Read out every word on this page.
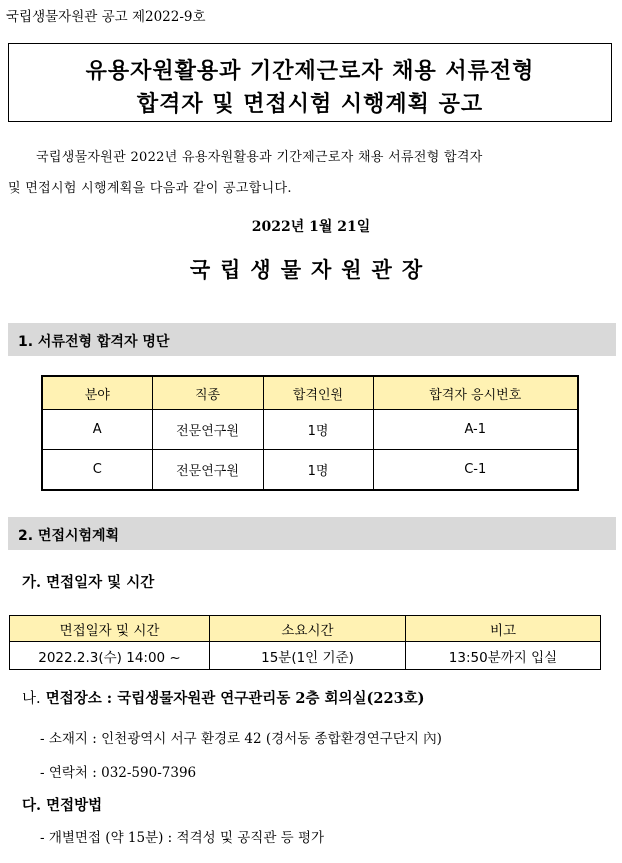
국립생물자원관 공고 제2022-9호
유용자원활용과 기간제근로자 채용 서류전형
합격자 및 면접시험 시행계획 공고
국립생물자원관 2022년 유용자원활용과 기간제근로자 채용 서류전형 합격자
및 면접시험 시행계획을 다음과 같이 공고합니다.
2022년 1월 21일
국립생물자원관장
1. 서류전형 합격자 명단
분야	직종	합격인원	합격자 응시번호
A	전문연구원	1명	A-1
C	전문연구원	1명	C-1
2. 면접시험계획
가. 면접일자 및 시간
면접일자 및 시간	소요시간	비고
2022.2.3(수) 14:00 ~	15분(1인 기준)	13:50분까지 입실
나. 면접장소 : 국립생물자원관 연구관리동 2층 회의실(223호)
- 소재지 : 인천광역시 서구 환경로 42 (경서동 종합환경연구단지 內)
- 연락처 : 032-590-7396
다. 면접방법
- 개별면접 (약 15분) : 적격성 및 공직관 등 평가
